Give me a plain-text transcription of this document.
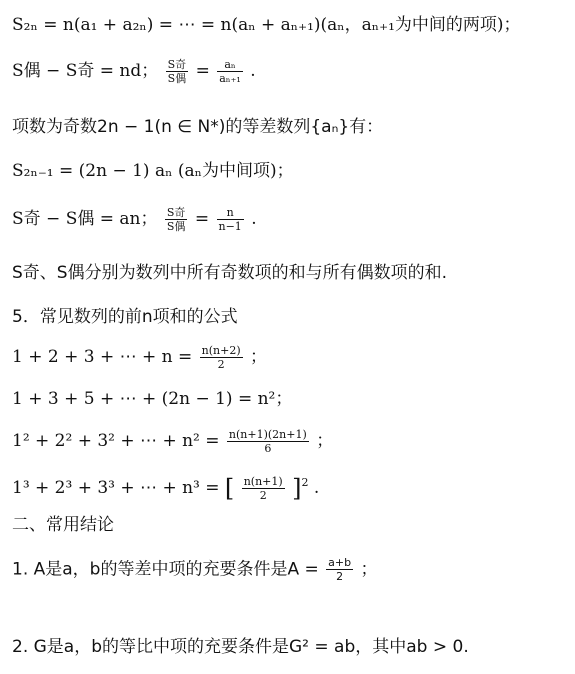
S₂ₙ = n(a₁ + a₂ₙ) = ⋯ = n(aₙ + aₙ₊₁)(aₙ，aₙ₊₁为中间的两项)；
S偶 − S奇 = nd； $\frac{\text{S奇}}{\text{S偶}} = \frac{\text{aₙ}}{\text{aₙ₊₁}}$ .
项数为奇数2n − 1(n ∈ N*)的等差数列{aₙ}有：
S₂ₙ₋₁ = (2n − 1) aₙ (aₙ为中间项)；
S奇 − S偶 = an； $\frac{\text{S奇}}{\text{S偶}} = \frac{n}{n-1}$ .
S奇、S偶分别为数列中所有奇数项的和与所有偶数项的和.
5．常见数列的前n项和的公式
1 + 2 + 3 + ⋯ + $n = \frac{n(n+2)}{2}$ ；
1 + 3 + 5 + ⋯ + (2n − 1) = n²；
1² + 2² + 3² + ⋯ + $n^2 = \frac{n(n+1)(2n+1)}{6}$ ；
1³ + 2³ + 3³ + ⋯ + n³ = [ $\frac{n(n+1)}{2} ]^2$ .
二、常用结论
1. A是a，b的等差中项的充要条件是$A = \frac{a+b}{2}$ ；
2. G是a，b的等比中项的充要条件是G² = ab，其中ab > 0.
